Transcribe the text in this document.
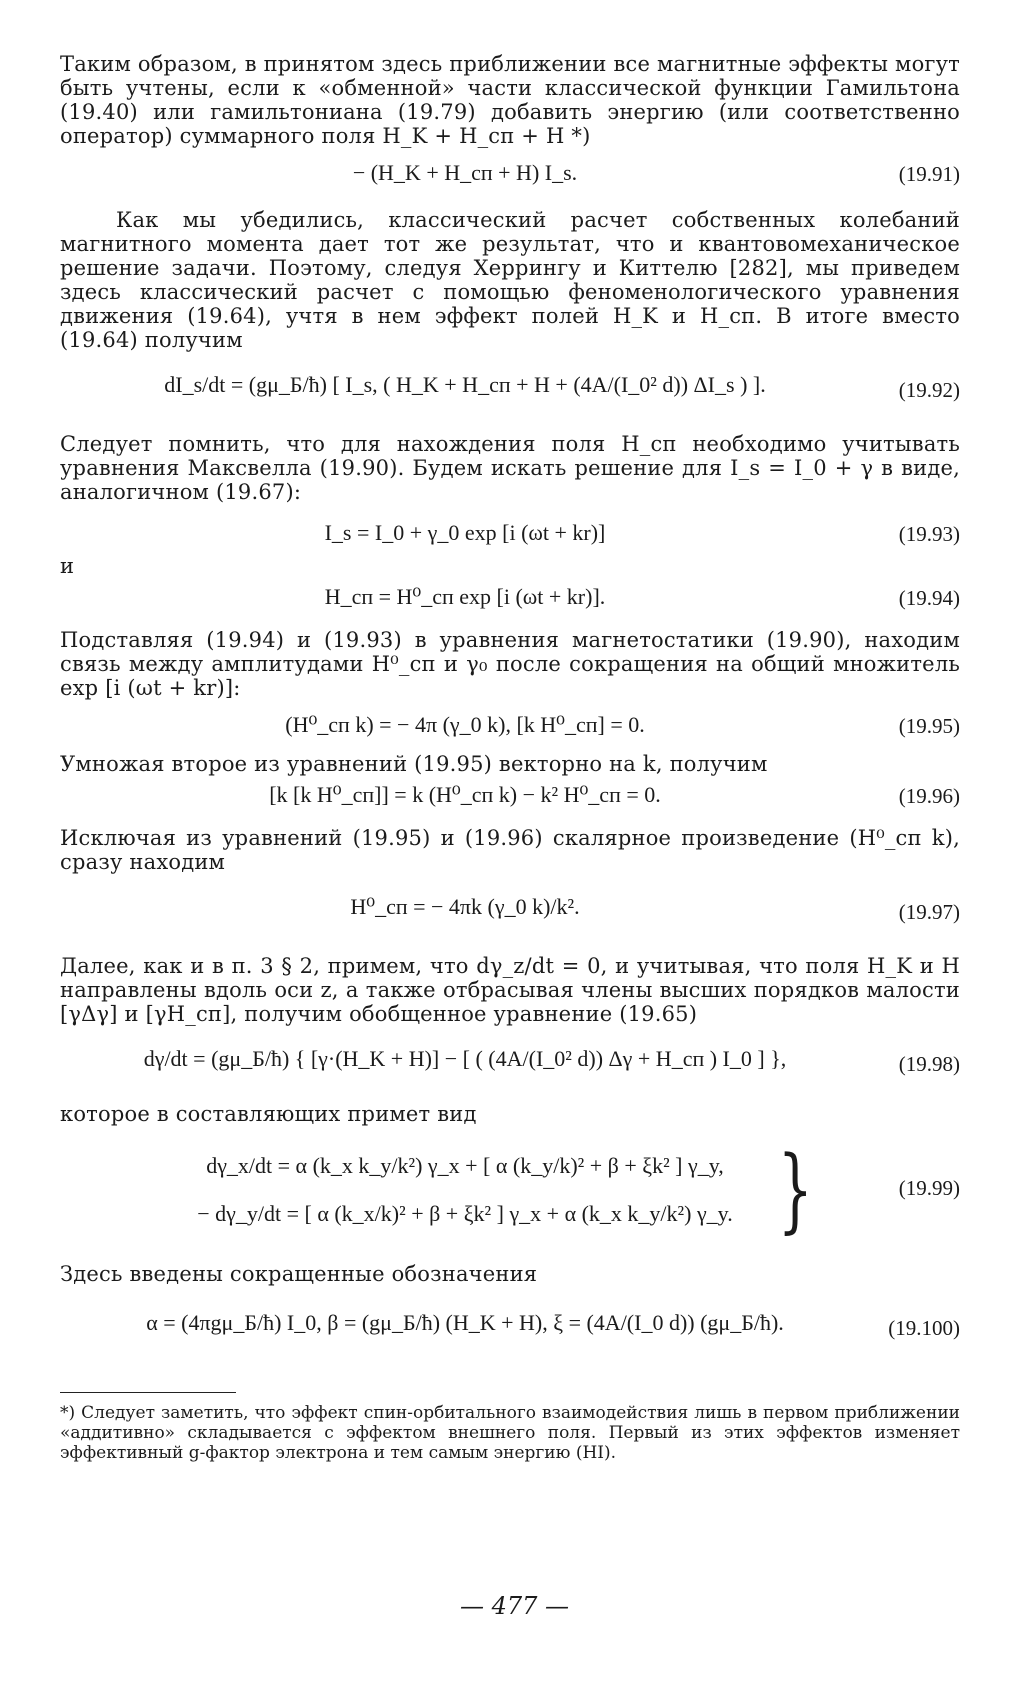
Таким образом, в принятом здесь приближении все магнитные эффекты могут быть учтены, если к «обменной» части классической функции Гамильтона (19.40) или гамильтониана (19.79) добавить энергию (или соответственно оператор) суммарного поля H_K + H_сп + H *)

− (H_K + H_сп + H) I_s.	(19.91)

Как мы убедились, классический расчет собственных колебаний магнитного момента дает тот же результат, что и квантовомеханическое решение задачи. Поэтому, следуя Херрингу и Киттелю [282], мы приведем здесь классический расчет с помощью феноменологического уравнения движения (19.64), учтя в нем эффект полей H_K и H_сп. В итоге вместо (19.64) получим

dI_s/dt = (gμ_Б/ħ) [ I_s, ( H_K + H_сп + H + (4A/(I_0² d)) ΔI_s ) ].	(19.92)

Следует помнить, что для нахождения поля H_сп необходимо учитывать уравнения Максвелла (19.90). Будем искать решение для I_s = I_0 + γ в виде, аналогичном (19.67):

I_s = I_0 + γ_0 exp [i (ωt + kr)]	(19.93)

и

H_сп = H⁰_сп exp [i (ωt + kr)].	(19.94)

Подставляя (19.94) и (19.93) в уравнения магнетостатики (19.90), находим связь между амплитудами H⁰_сп и γ₀ после сокращения на общий множитель exp [i (ωt + kr)]:

(H⁰_сп k) = − 4π (γ_0 k), [k H⁰_сп] = 0.	(19.95)

Умножая второе из уравнений (19.95) векторно на k, получим

[k [k H⁰_сп]] = k (H⁰_сп k) − k² H⁰_сп = 0.	(19.96)

Исключая из уравнений (19.95) и (19.96) скалярное произведение (H⁰_сп k), сразу находим

H⁰_сп = − 4πk (γ_0 k)/k².	(19.97)

Далее, как и в п. 3 § 2, примем, что dγ_z/dt = 0, и учитывая, что поля H_K и H направлены вдоль оси z, а также отбрасывая члены высших порядков малости [γΔγ] и [γH_сп], получим обобщенное уравнение (19.65)

dγ/dt = (gμ_Б/ħ) { [γ·(H_K + H)] − [ ( (4A/(I_0² d)) Δγ + H_сп ) I_0 ] },	(19.98)

которое в составляющих примет вид

dγ_x/dt = α (k_x k_y/k²) γ_x + [ α (k_y/k)² + β + ξk² ] γ_y,
− dγ_y/dt = [ α (k_x/k)² + β + ξk² ] γ_x + α (k_x k_y/k²) γ_y. }	(19.99)

Здесь введены сокращенные обозначения

α = (4πgμ_Б/ħ) I_0, β = (gμ_Б/ħ) (H_K + H), ξ = (4A/(I_0 d)) (gμ_Б/ħ).	(19.100)

*) Следует заметить, что эффект спин-орбитального взаимодействия лишь в первом приближении «аддитивно» складывается с эффектом внешнего поля. Первый из этих эффектов изменяет эффективный g-фактор электрона и тем самым энергию (HI).

— 477 —
